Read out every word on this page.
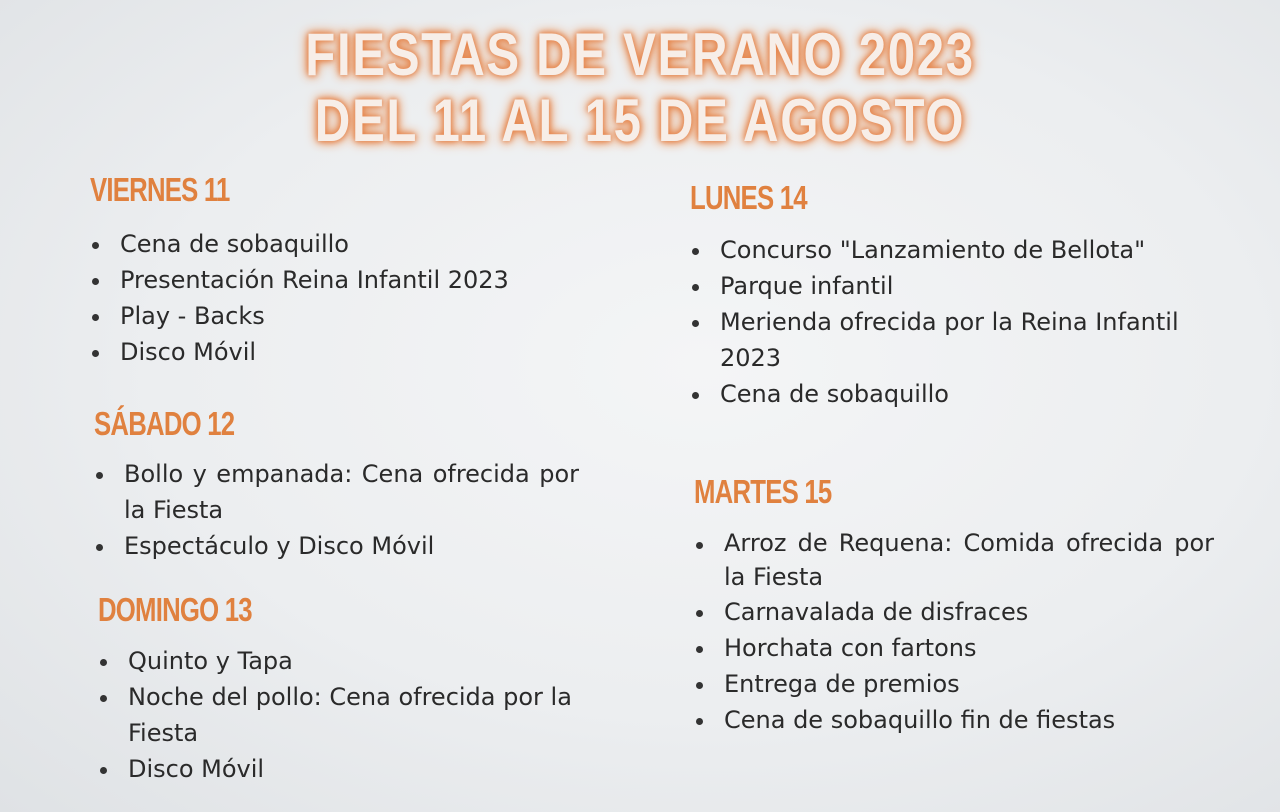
FIESTAS DE VERANO 2023
DEL 11 AL 15 DE AGOSTO
VIERNES 11
Cena de sobaquillo
Presentación Reina Infantil 2023
Play - Backs
Disco Móvil
SÁBADO 12
Bollo y empanada: Cena ofrecida por la Fiesta
Espectáculo y Disco Móvil
DOMINGO 13
Quinto y Tapa
Noche del pollo: Cena ofrecida por la Fiesta
Disco Móvil
LUNES 14
Concurso "Lanzamiento de Bellota"
Parque infantil
Merienda ofrecida por la Reina Infantil 2023
Cena de sobaquillo
MARTES 15
Arroz de Requena: Comida ofrecida por la Fiesta
Carnavalada de disfraces
Horchata con fartons
Entrega de premios
Cena de sobaquillo fin de fiestas
